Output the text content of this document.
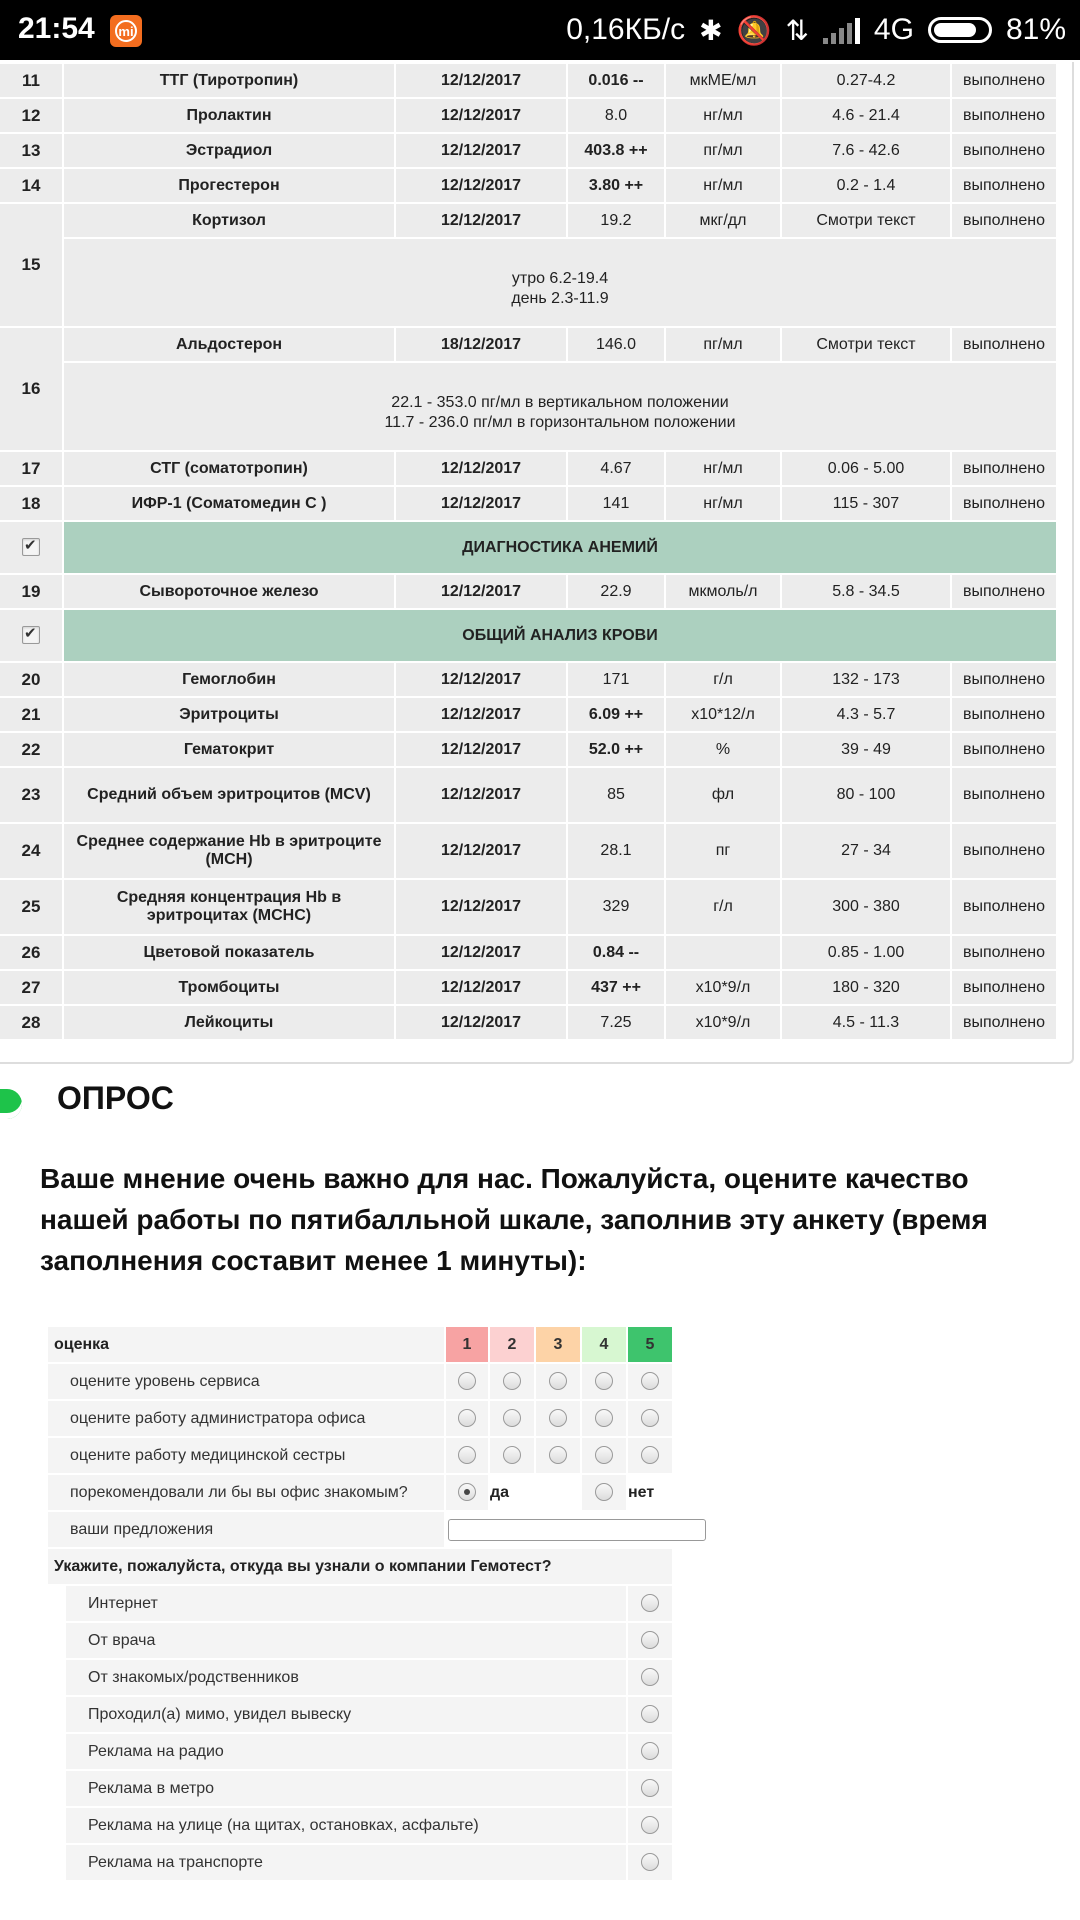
21:54 mi	0,16КБ/с ✱ 🔕 ⇅ 4G	81%
11	ТТГ (Тиротропин)	12/12/2017	0.016 --	мкМЕ/мл	0.27-4.2	выполнено
12	Пролактин	12/12/2017	8.0	нг/мл	4.6 - 21.4	выполнено
13	Эстрадиол	12/12/2017	403.8 ++	пг/мл	7.6 - 42.6	выполнено
14	Прогестерон	12/12/2017	3.80 ++	нг/мл	0.2 - 1.4	выполнено
15	Кортизол	12/12/2017	19.2	мкг/дл	Смотри текст	выполнено

	утро 6.2-19.4
день 2.3-11.9					

16	Альдостерон	18/12/2017	146.0	пг/мл	Смотри текст	выполнено

	22.1 - 353.0 пг/мл в вертикальном положении
11.7 - 236.0 пг/мл в горизонтальном положении					

17	СТГ (соматотропин)	12/12/2017	4.67	нг/мл	0.06 - 5.00	выполнено
18	ИФР-1 (Соматомедин С )	12/12/2017	141	нг/мл	115 - 307	выполнено
✔	ДИАГНОСТИКА АНЕМИЙ					
19	Сывороточное железо	12/12/2017	22.9	мкмоль/л	5.8 - 34.5	выполнено
✔	ОБЩИЙ АНАЛИЗ КРОВИ					
20	Гемоглобин	12/12/2017	171	г/л	132 - 173	выполнено
21	Эритроциты	12/12/2017	6.09 ++	x10*12/л	4.3 - 5.7	выполнено
22	Гематокрит	12/12/2017	52.0 ++	%	39 - 49	выполнено
23	Средний объем эритроцитов (MCV)	12/12/2017	85	фл	80 - 100	выполнено
24	Среднее содержание Hb в эритроците (MCH)	12/12/2017	28.1	пг	27 - 34	выполнено
25	Средняя концентрация Hb в эритроцитах (MCHC)	12/12/2017	329	г/л	300 - 380	выполнено
26	Цветовой показатель	12/12/2017	0.84 --		0.85 - 1.00	выполнено
27	Тромбоциты	12/12/2017	437 ++	x10*9/л	180 - 320	выполнено
28	Лейкоциты	12/12/2017	7.25	x10*9/л	4.5 - 11.3	выполнено
ОПРОС
Ваше мнение очень важно для нас. Пожалуйста, оцените качество нашей работы по пятибалльной шкале, заполнив эту анкету (время заполнения составит менее 1 минуты):
оценка	1	2	3	4	5
оцените уровень сервиса					
оцените работу администратора офиса					
оцените работу медицинской сестры					
порекомендовали ли бы вы офис знакомым?		да			нет
ваши предложения	
Укажите, пожалуйста, откуда вы узнали о компании Гемотест?					
Интернет					
От врача					
От знакомых/родственников					
Проходил(а) мимо, увидел вывеску					
Реклама на радио					
Реклама в метро					
Реклама на улице (на щитах, остановках, асфальте)					
Реклама на транспорте					
